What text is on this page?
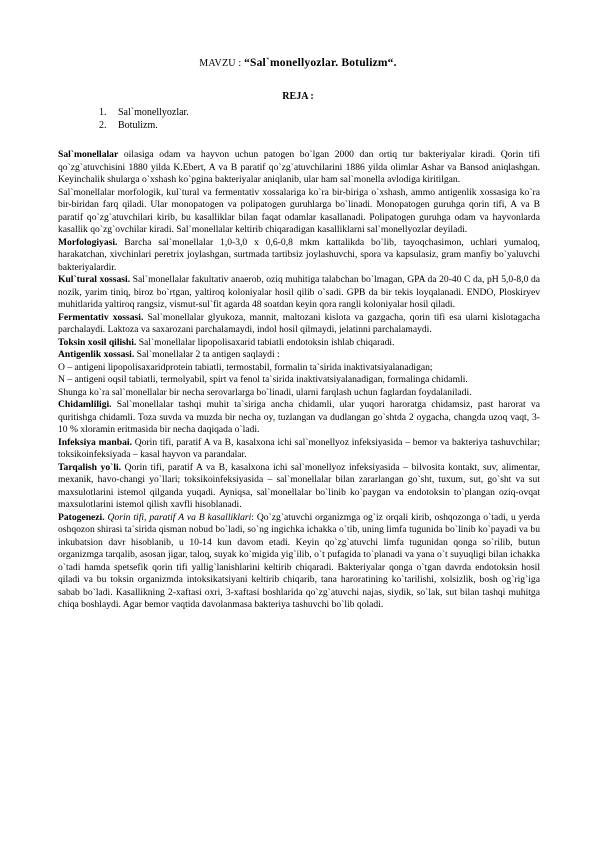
MAVZU : “Sal`monellyozlar. Botulizm“.
REJA :
1. Sal`monellyozlar.
2. Botulizm.

Sal`monellalar oilasiga odam va hayvon uchun patogen bo`lgan 2000 dan ortiq tur bakteriyalar kiradi. Qorin tifi qo`zg`atuvchisini 1880 yilda K.Ebert, A va B paratif qo`zg`atuvchilarini 1886 yilda olimlar Ashar va Bansod aniqlashgan. Keyinchalik shularga o`xshash ko`pgina bakteriyalar aniqlanib, ular ham sal`monella avlodiga kiritilgan.

Sal`monellalar morfologik, kul`tural va fermentativ xossalariga ko`ra bir-biriga o`xshash, ammo antigenlik xossasiga ko`ra bir-biridan farq qiladi. Ular monopatogen va polipatogen guruhlarga bo`linadi. Monopatogen guruhga qorin tifi, A va B paratif qo`zg`atuvchilari kirib, bu kasalliklar bilan faqat odamlar kasallanadi. Polipatogen guruhga odam va hayvonlarda kasallik qo`zg`ovchilar kiradi. Sal`monellalar keltirib chiqaradigan kasalliklarni sal`monellyozlar deyiladi.

Morfologiyasi. Barcha sal`monellalar 1,0-3,0 x 0,6-0,8 mkm kattalikda bo`lib, tayoqchasimon, uchlari yumaloq, harakatchan, xivchinlari peretrix joylashgan, surtmada tartibsiz joylashuvchi, spora va kapsulasiz, gram manfiy bo`yaluvchi bakteriyalardir.

Kul`tural xossasi. Sal`monellalar fakultativ anaerob, oziq muhitiga talabchan bo`lmagan, GPA da 20-40 C da, pH 5,0-8,0 da nozik, yarim tiniq, biroz bo`rtgan, yaltiroq koloniyalar hosil qilib o`sadi. GPB da bir tekis loyqalanadi. ENDO, Ploskiryev muhitlarida yaltiroq rangsiz, vismut-sul`fit agarda 48 soatdan keyin qora rangli koloniyalar hosil qiladi.

Fermentativ xossasi. Sal`monellalar glyukoza, mannit, maltozani kislota va gazgacha, qorin tifi esa ularni kislotagacha parchalaydi. Laktoza va saxarozani parchalamaydi, indol hosil qilmaydi, jelatinni parchalamaydi.

Toksin xosil qilishi. Sal`monellalar lipopolisaxarid tabiatli endotoksin ishlab chiqaradi.

Antigenlik xossasi. Sal`monellalar 2 ta antigen saqlaydi :

O – antigeni lipopolisaxaridprotein tabiatli, termostabil, formalin ta`sirida inaktivatsiyalanadigan;

N – antigeni oqsil tabiatli, termolyabil, spirt va fenol ta`sirida inaktivatsiyalanadigan, formalinga chidamli.

Shunga ko`ra sal`monellalar bir necha serovarlarga bo`linadi, ularni farqlash uchun faglardan foydalaniladi.

Chidamliligi. Sal`monellalar tashqi muhit ta`siriga ancha chidamli, ular yuqori haroratga chidamsiz, past harorat va quritishga chidamli. Toza suvda va muzda bir necha oy, tuzlangan va dudlangan go`shtda 2 oygacha, changda uzoq vaqt, 3-10 % xloramin eritmasida bir necha daqiqada o`ladi.

Infeksiya manbai. Qorin tifi, paratif A va B, kasalxona ichi sal`monellyoz infeksiyasida – bemor va bakteriya tashuvchilar; toksikoinfeksiyada – kasal hayvon va parandalar.

Tarqalish yo`li. Qorin tifi, paratif A va B, kasalxona ichi sal`monellyoz infeksiyasida – bilvosita kontakt, suv, alimentar, mexanik, havo-changi yo`llari; toksikoinfeksiyasida – sal`monellalar bilan zararlangan go`sht, tuxum, sut, go`sht va sut maxsulotlarini istemol qilganda yuqadi. Ayniqsa, sal`monellalar bo`linib ko`paygan va endotoksin to`plangan oziq-ovqat maxsulotlarini istemol qilish xavfli hisoblanadi.

Patogenezi. Qorin tifi, paratif A va B kasalliklari: Qo`zg`atuvchi organizmga og`iz orqali kirib, oshqozonga o`tadi, u yerda oshqozon shirasi ta`sirida qisman nobud bo`ladi, so`ng ingichka ichakka o`tib, uning limfa tugunida bo`linib ko`payadi va bu inkubatsion davr hisoblanib, u 10-14 kun davom etadi. Keyin qo`zg`atuvchi limfa tugunidan qonga so`rilib, butun organizmga tarqalib, asosan jigar, taloq, suyak ko`migida yig`ilib, o`t pufagida to`planadi va yana o`t suyuqligi bilan ichakka o`tadi hamda spetsefik qorin tifi yallig`lanishlarini keltirib chiqaradi. Bakteriyalar qonga o`tgan davrda endotoksin hosil qiladi va bu toksin organizmda intoksikatsiyani keltirib chiqarib, tana haroratining ko`tarilishi, xolsizlik, bosh og`rig`iga sabab bo`ladi. Kasallikning 2-xaftasi oxri, 3-xaftasi boshlarida qo`zg`atuvchi najas, siydik, so`lak, sut bilan tashqi muhitga chiqa boshlaydi. Agar bemor vaqtida davolanmasa bakteriya tashuvchi bo`lib qoladi.
